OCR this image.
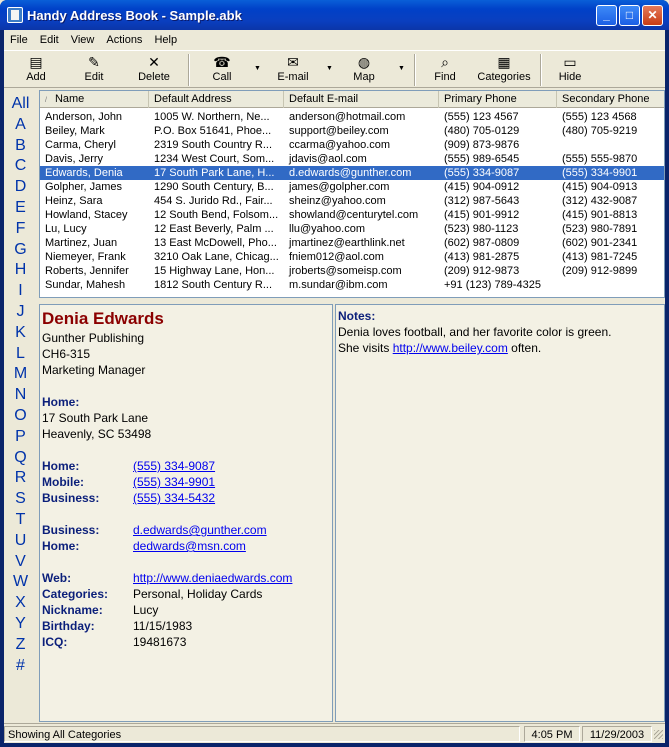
Handy Address Book - Sample.abk	_	□	✕
File	Edit	View	Actions	Help
▤
Add
✎
Edit
✕
Delete
☎
Call
▼ ✉
E-mail
▼ ◍
Map
▼	⌕
Find
▦
Categories
▭
Hide
All
A
B
C
D
E
F
G
H
I
J
K
L
M
N
O
P
Q
R
S
T
U
V
W
X
Y
Z
#
/ Name	Default Address	Default E-mail	Primary Phone	Secondary Phone
Anderson, John	1005 W. Northern, Ne...	anderson@hotmail.com	(555) 123 4567	(555) 123 4568
Beiley, Mark	P.O. Box 51641, Phoe...	support@beiley.com	(480) 705-0129	(480) 705-9219
Carma, Cheryl	2319 South Country R...	ccarma@yahoo.com	(909) 873-9876
Davis, Jerry	1234 West Court, Som...	jdavis@aol.com	(555) 989-6545	(555) 555-9870
Edwards, Denia	17 South Park Lane, H...	d.edwards@gunther.com	(555) 334-9087	(555) 334-9901
Golpher, James	1290 South Century, B...	james@golpher.com	(415) 904-0912	(415) 904-0913
Heinz, Sara	454 S. Jurido Rd., Fair...	sheinz@yahoo.com	(312) 987-5643	(312) 432-9087
Howland, Stacey	12 South Bend, Folsom... showland@centurytel.com	(415) 901-9912	(415) 901-8813
Lu, Lucy	12 East Beverly, Palm ...	llu@yahoo.com	(523) 980-1123	(523) 980-7891
Martinez, Juan	13 East McDowell, Pho...	jmartinez@earthlink.net	(602) 987-0809	(602) 901-2341
Niemeyer, Frank	3210 Oak Lane, Chicag... fniem012@aol.com	(413) 981-2875	(413) 981-7245
Roberts, Jennifer	15 Highway Lane, Hon...	jroberts@someisp.com	(209) 912-9873	(209) 912-9899
Sundar, Mahesh	1812 South Century R...	m.sundar@ibm.com	+91 (123) 789-4325
Denia Edwards
Gunther Publishing
CH6-315
Marketing Manager
Home:
17 South Park Lane
Heavenly, SC 53498
Home:	(555) 334-9087
Mobile:	(555) 334-9901
Business:	(555) 334-5432
Business:	d.edwards@gunther.com
Home:	dedwards@msn.com
Web:	http://www.deniaedwards.com
Categories: Personal, Holiday Cards
Nickname:	Lucy
Birthday:	11/15/1983
ICQ:	19481673
Notes:
Denia loves football, and her favorite color is green.
She visits http://www.beiley.com often.
Showing All Categories	4:05 PM	11/29/2003
